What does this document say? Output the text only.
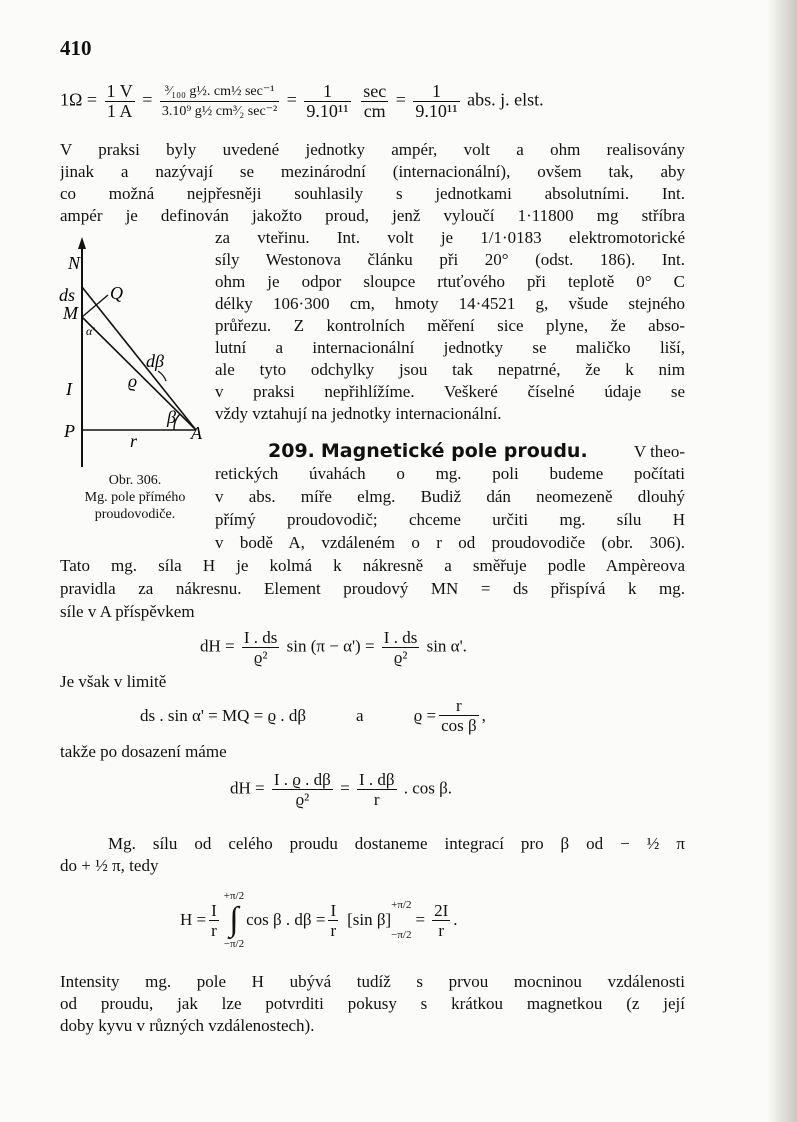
410
$1\Omega = \frac{1 V}{1 A} = \frac{\text{³⁄₁₀₀ g½. cm½ sec⁻¹}}{\text{3.10⁹ g½ cm³⁄₂ sec⁻²}} = \frac{1}{\text{9.10¹¹}}$
$\frac{\sec}{cm} = \frac{1}{\text{9.10¹¹}}$ abs. j. elst.
V praksi byly uvedené jednotky ampér, volt a ohm realisovány
jinak a nazývají se mezinárodní (internacionální), ovšem tak, aby
co možná nejpřesněji souhlasily s jednotkami absolutními. Int.
ampér je definován jakožto proud, jenž vyloučí 1·11800 mg stříbra
za vteřinu. Int. volt je 1/1·0183 elektromotorické
síly Westonova článku při 20° (odst. 186). Int.
ohm je odpor sloupce rtuťového při teplotě 0° C
délky 106·300 cm, hmoty 14·4521 g, všude stejného
průřezu. Z kontrolních měření sice plyne, že abso-
lutní a internacionální jednotky se maličko liší,
ale tyto odchylky jsou tak nepatrné, že k nim
v praksi nepřihlížíme. Veškeré číselné údaje se
vždy vztahují na jednotky internacionální.
N
ds
M
Q
α'
dβ
ϱ
β
I
P	r	A
Obr. 306.
Mg. pole přímého
proudovodiče.
209. Magnetické pole proudu.	V theo-
retických úvahách o mg. poli budeme počítati
v abs. míře elmg. Budiž dán neomezeně dlouhý
přímý proudovodič; chceme určiti mg. sílu H
v bodě A, vzdáleném o r od proudovodiče (obr. 306).
Tato mg. síla H je kolmá k nákresně a směřuje podle Ampèreova
pravidla za nákresnu. Element proudový MN = ds přispívá k mg.
síle v A příspěvkem
dH = $\frac{I . ds}{\text{ϱ²}}$ $\sin (\pi - \alpha') = \frac{I . ds}{\text{ϱ²}}$ sin α'.
Je však v limitě
ds . sin α' = MQ = ϱ . dβ	a	$ϱ = \frac{r}{\text{cos β}}$ ,
takže po dosazení máme
dH = $\frac{I . ϱ . d\beta}{\text{ϱ²}} = \frac{I . d\beta}{r}$ . cos β.
Mg. sílu od celého proudu dostaneme integrací pro β od − ½ π
do + ½ π, tedy
$H = \frac{I}{r}$
+π/2
∫
−π/2
cos β . $d\beta = \frac{I}{r} [\sin$ β]
+π/2
−π/2
= $\frac{2I}{r}$ .
Intensity mg. pole H ubývá tudíž s prvou mocninou vzdálenosti
od proudu, jak lze potvrditi pokusy s krátkou magnetkou (z její
doby kyvu v různých vzdálenostech).
